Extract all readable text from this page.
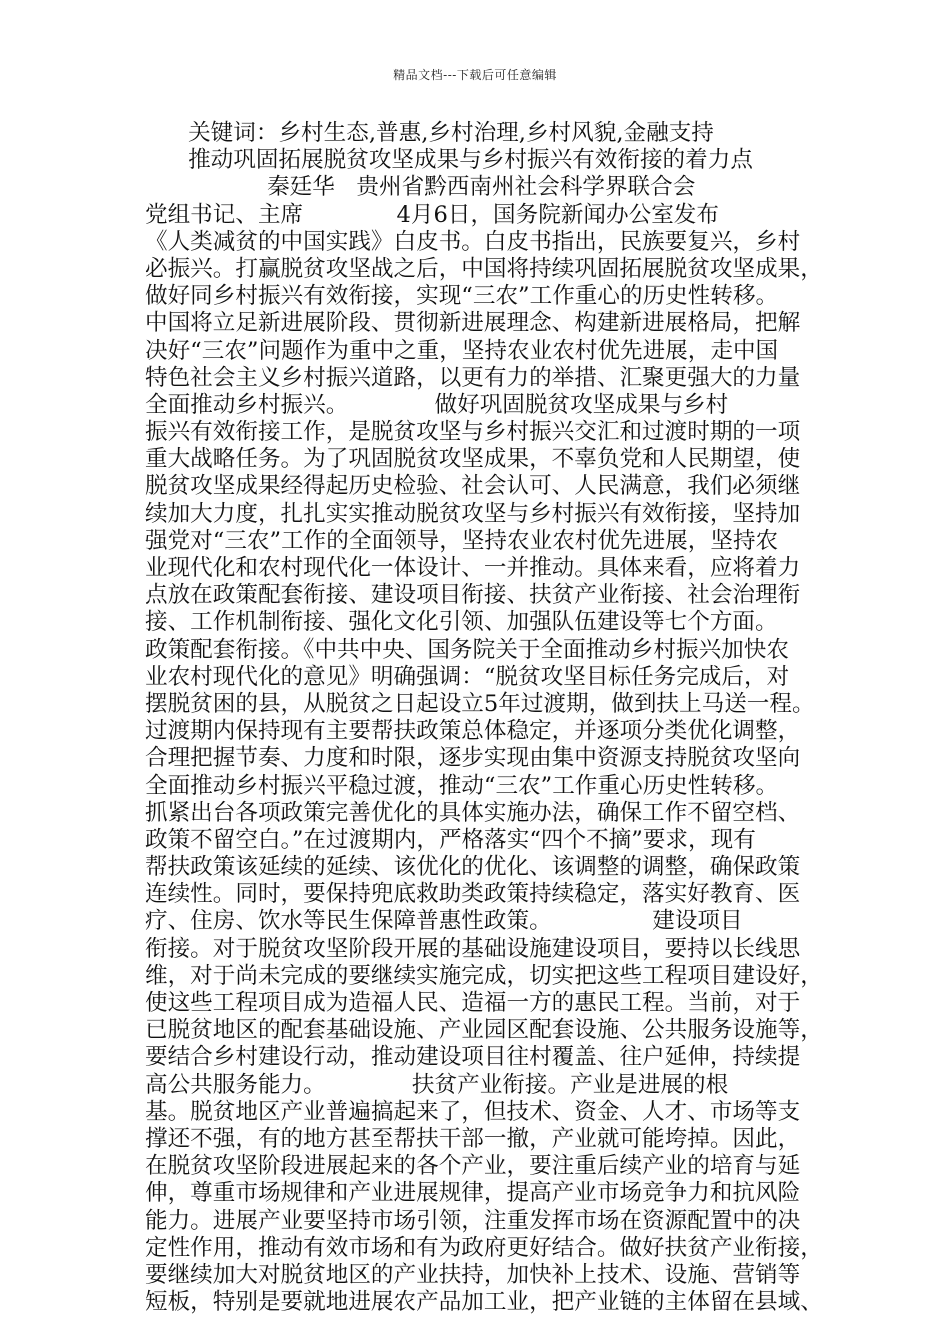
精品文档---下载后可任意编辑
关键词：乡村生态,普惠,乡村治理,乡村风貌,金融支持
推动巩固拓展脱贫攻坚成果与乡村振兴有效衔接的着力点
秦廷华   贵州省黔西南州社会科学界联合会
党组书记、主席             4月6日，国务院新闻办公室发布
《人类减贫的中国实践》白皮书。白皮书指出，民族要复兴，乡村
必振兴。打赢脱贫攻坚战之后，中国将持续巩固拓展脱贫攻坚成果，
做好同乡村振兴有效衔接，实现“三农”工作重心的历史性转移。
中国将立足新进展阶段、贯彻新进展理念、构建新进展格局，把解
决好“三农”问题作为重中之重，坚持农业农村优先进展，走中国
特色社会主义乡村振兴道路，以更有力的举措、汇聚更强大的力量
全面推动乡村振兴。            做好巩固脱贫攻坚成果与乡村
振兴有效衔接工作，是脱贫攻坚与乡村振兴交汇和过渡时期的一项
重大战略任务。为了巩固脱贫攻坚成果，不辜负党和人民期望，使
脱贫攻坚成果经得起历史检验、社会认可、人民满意，我们必须继
续加大力度，扎扎实实推动脱贫攻坚与乡村振兴有效衔接，坚持加
强党对“三农”工作的全面领导，坚持农业农村优先进展，坚持农
业现代化和农村现代化一体设计、一并推动。具体来看，应将着力
点放在政策配套衔接、建设项目衔接、扶贫产业衔接、社会治理衔
接、工作机制衔接、强化文化引领、加强队伍建设等七个方面。
政策配套衔接。《中共中央、国务院关于全面推动乡村振兴加快农
业农村现代化的意见》明确强调：“脱贫攻坚目标任务完成后，对
摆脱贫困的县，从脱贫之日起设立5年过渡期，做到扶上马送一程。
过渡期内保持现有主要帮扶政策总体稳定，并逐项分类优化调整，
合理把握节奏、力度和时限，逐步实现由集中资源支持脱贫攻坚向
全面推动乡村振兴平稳过渡，推动“三农”工作重心历史性转移。
抓紧出台各项政策完善优化的具体实施办法，确保工作不留空档、
政策不留空白。”在过渡期内，严格落实“四个不摘”要求，现有
帮扶政策该延续的延续、该优化的优化、该调整的调整，确保政策
连续性。同时，要保持兜底救助类政策持续稳定，落实好教育、医
疗、住房、饮水等民生保障普惠性政策。              建设项目
衔接。对于脱贫攻坚阶段开展的基础设施建设项目，要持以长线思
维，对于尚未完成的要继续实施完成，切实把这些工程项目建设好，
使这些工程项目成为造福人民、造福一方的惠民工程。当前，对于
已脱贫地区的配套基础设施、产业园区配套设施、公共服务设施等，
要结合乡村建设行动，推动建设项目往村覆盖、往户延伸，持续提
高公共服务能力。            扶贫产业衔接。产业是进展的根
基。脱贫地区产业普遍搞起来了，但技术、资金、人才、市场等支
撑还不强，有的地方甚至帮扶干部一撤，产业就可能垮掉。因此，
在脱贫攻坚阶段进展起来的各个产业，要注重后续产业的培育与延
伸，尊重市场规律和产业进展规律，提高产业市场竞争力和抗风险
能力。进展产业要坚持市场引领，注重发挥市场在资源配置中的决
定性作用，推动有效市场和有为政府更好结合。做好扶贫产业衔接，
要继续加大对脱贫地区的产业扶持，加快补上技术、设施、营销等
短板，特别是要就地进展农产品加工业，把产业链的主体留在县域、
